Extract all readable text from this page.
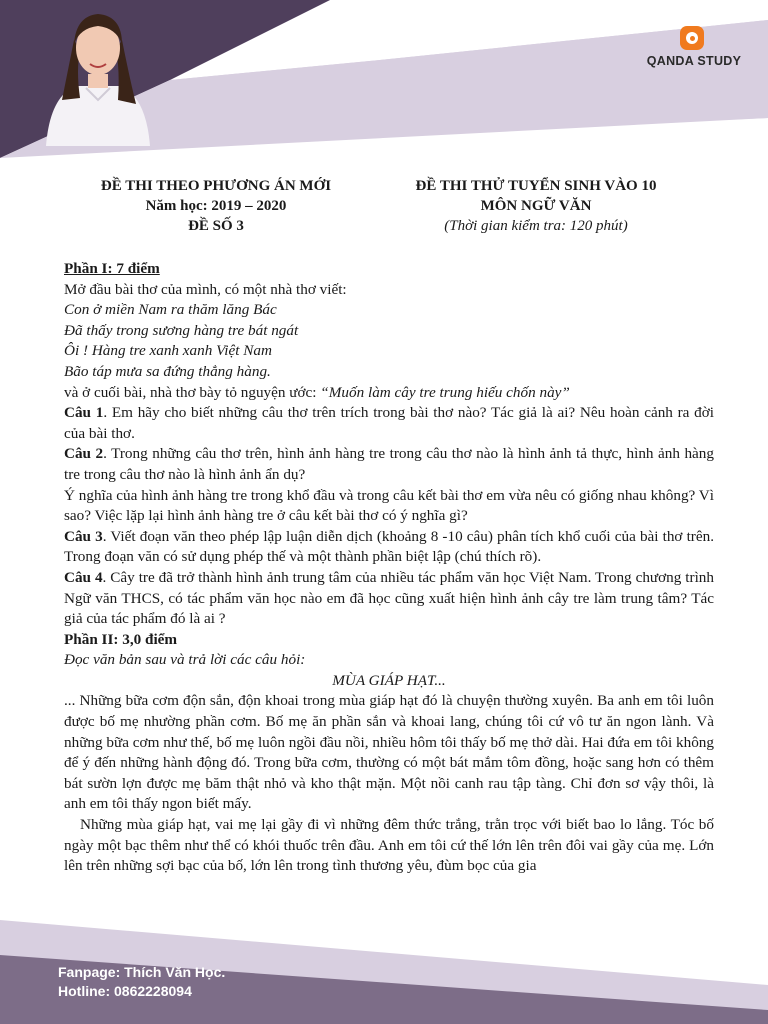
QANDA STUDY
ĐỀ THI THEO PHƯƠNG ÁN MỚI
Năm học: 2019 – 2020
ĐỀ SỐ 3
ĐỀ THI THỬ TUYỂN SINH VÀO 10
MÔN NGỮ VĂN
(Thời gian kiểm tra: 120 phút)

Phần I: 7 điểm

Mở đầu bài thơ của mình, có một nhà thơ viết:

Con ở miền Nam ra thăm lăng Bác

Đã thấy trong sương hàng tre bát ngát

Ôi ! Hàng tre xanh xanh Việt Nam

Bão táp mưa sa đứng thẳng hàng.

và ở cuối bài, nhà thơ bày tỏ nguyện ước: “Muốn làm cây tre trung hiếu chốn này”

Câu 1. Em hãy cho biết những câu thơ trên trích trong bài thơ nào? Tác giả là ai? Nêu hoàn cảnh ra đời của bài thơ.

Câu 2. Trong những câu thơ trên, hình ảnh hàng tre trong câu thơ nào là hình ảnh tả thực, hình ảnh hàng tre trong câu thơ nào là hình ảnh ẩn dụ?

Ý nghĩa của hình ảnh hàng tre trong khổ đầu và trong câu kết bài thơ em vừa nêu có giống nhau không? Vì sao? Việc lặp lại hình ảnh hàng tre ở câu kết bài thơ có ý nghĩa gì?

Câu 3. Viết đoạn văn theo phép lập luận diễn dịch (khoảng 8 -10 câu) phân tích khổ cuối của bài thơ trên. Trong đoạn văn có sử dụng phép thế và một thành phần biệt lập (chú thích rõ).

Câu 4. Cây tre đã trở thành hình ảnh trung tâm của nhiều tác phẩm văn học Việt Nam. Trong chương trình Ngữ văn THCS, có tác phẩm văn học nào em đã học cũng xuất hiện hình ảnh cây tre làm trung tâm? Tác giả của tác phẩm đó là ai ?

Phần II: 3,0 điểm

Đọc văn bản sau và trả lời các câu hỏi:

MÙA GIÁP HẠT...

... Những bữa cơm độn sắn, độn khoai trong mùa giáp hạt đó là chuyện thường xuyên. Ba anh em tôi luôn được bố mẹ nhường phần cơm. Bố mẹ ăn phần sắn và khoai lang, chúng tôi cứ vô tư ăn ngon lành. Và những bữa cơm như thế, bố mẹ luôn ngồi đầu nồi, nhiều hôm tôi thấy bố mẹ thở dài. Hai đứa em tôi không để ý đến những hành động đó. Trong bữa cơm, thường có một bát mắm tôm đồng, hoặc sang hơn có thêm bát sườn lợn được mẹ băm thật nhỏ và kho thật mặn. Một nồi canh rau tập tàng. Chỉ đơn sơ vậy thôi, là anh em tôi thấy ngon biết mấy.

Những mùa giáp hạt, vai mẹ lại gầy đi vì những đêm thức trắng, trằn trọc với biết bao lo lắng. Tóc bố ngày một bạc thêm như thể có khói thuốc trên đầu. Anh em tôi cứ thế lớn lên trên đôi vai gầy của mẹ. Lớn lên trên những sợi bạc của bố, lớn lên trong tình thương yêu, đùm bọc của gia

Fanpage: Thích Văn Học.
Hotline: 0862228094
